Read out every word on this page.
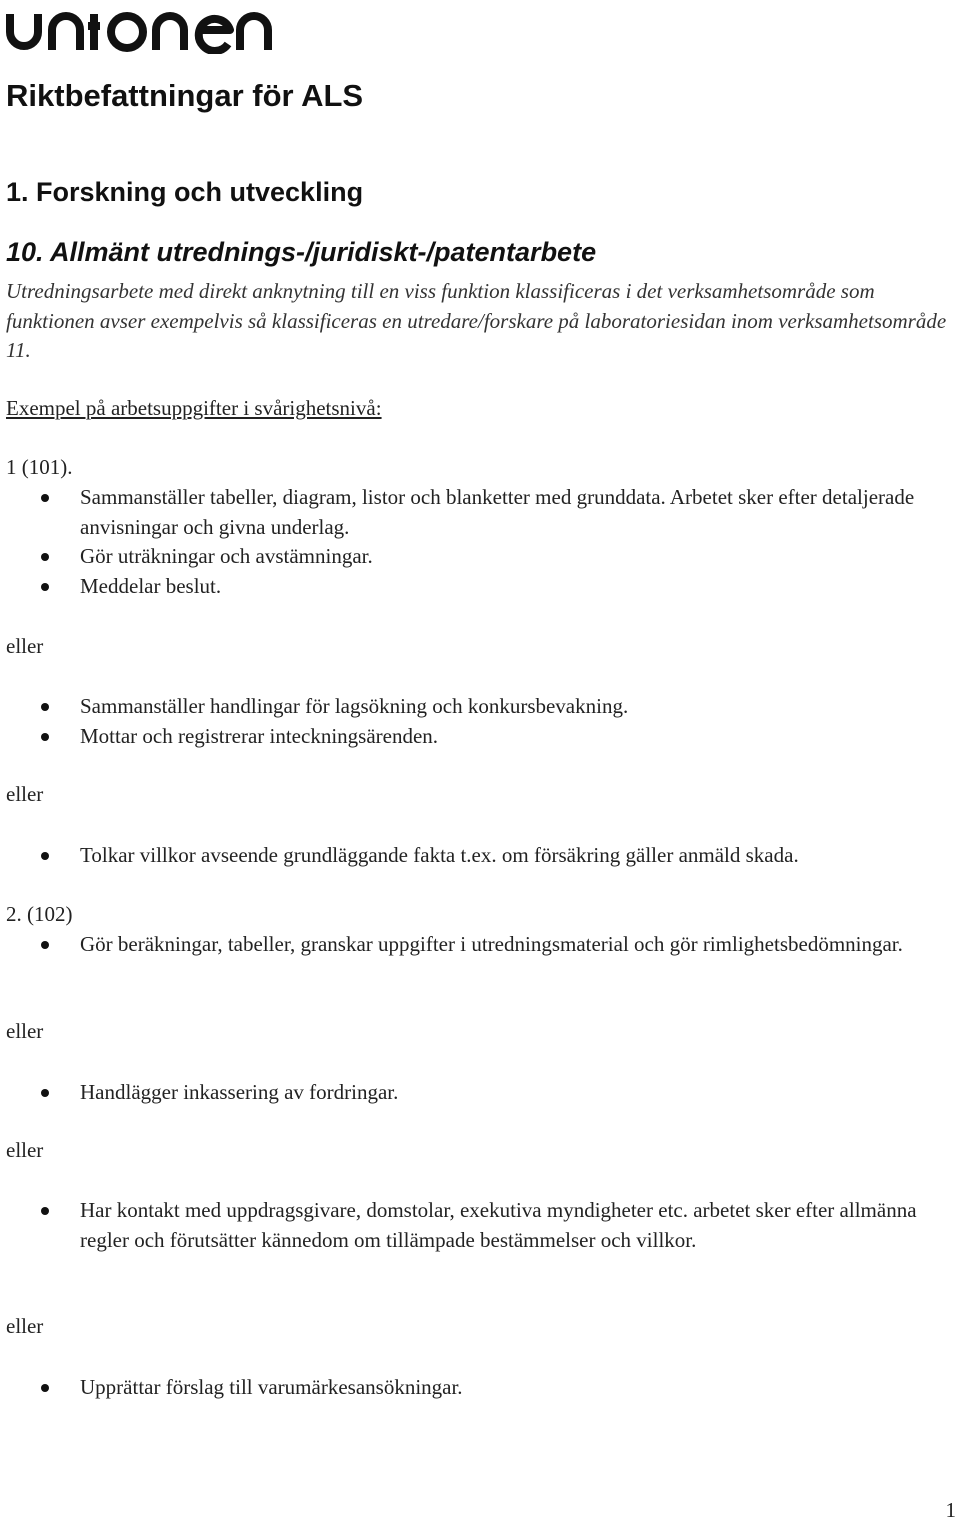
Riktbefattningar för ALS
1. Forskning och utveckling
10. Allmänt utrednings-/juridiskt-/patentarbete

Utredningsarbete med direkt anknytning till en viss funktion klassificeras i det verksamhetsområde som funktionen avser exempelvis så klassificeras en utredare/forskare på laboratoriesidan inom verksamhetsområde 11.

Exempel på arbetsuppgifter i svårighetsnivå:

1 (101).

Sammanställer tabeller, diagram, listor och blanketter med grunddata. Arbetet sker efter detaljerade anvisningar och givna underlag.
Gör uträkningar och avstämningar.
Meddelar beslut.

eller

Sammanställer handlingar för lagsökning och konkursbevakning.
Mottar och registrerar inteckningsärenden.

eller

Tolkar villkor avseende grundläggande fakta t.ex. om försäkring gäller anmäld skada.

2. (102)

Gör beräkningar, tabeller, granskar uppgifter i utredningsmaterial och gör rimlighetsbedömningar.

eller

Handlägger inkassering av fordringar.

eller

Har kontakt med uppdragsgivare, domstolar, exekutiva myndigheter etc. arbetet sker efter allmänna regler och förutsätter kännedom om tillämpade bestämmelser och villkor.

eller

Upprättar förslag till varumärkesansökningar.
1
